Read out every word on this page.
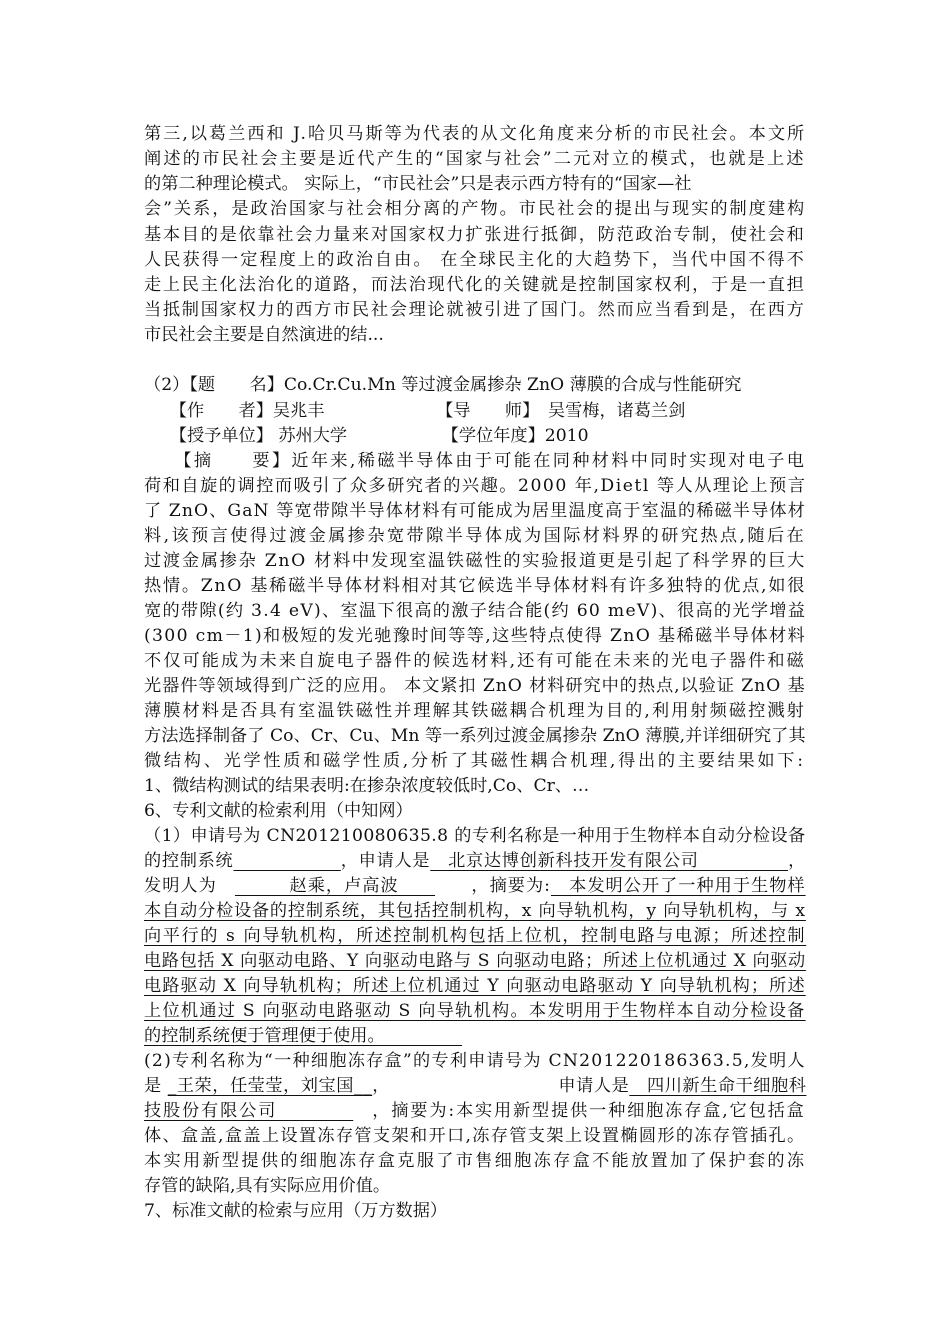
第三,以葛兰西和 J.哈贝马斯等为代表的从文化角度来分析的市民社会。本文所
阐述的市民社会主要是近代产生的“国家与社会”二元对立的模式，也就是上述
的第二种理论模式。 实际上，“市民社会”只是表示西方特有的“国家—社
会”关系，是政治国家与社会相分离的产物。市民社会的提出与现实的制度建构
基本目的是依靠社会力量来对国家权力扩张进行抵御，防范政治专制，使社会和
人民获得一定程度上的政治自由。 在全球民主化的大趋势下，当代中国不得不
走上民主化法治化的道路，而法治现代化的关键就是控制国家权利，于是一直担
当抵制国家权力的西方市民社会理论就被引进了国门。然而应当看到是，在西方
市民社会主要是自然演进的结...
（2）【题　　名】Co.Cr.Cu.Mn 等过渡金属掺杂 ZnO 薄膜的合成与性能研究
　　【作　　者】吴兆丰　　　　　　　【导　　师】　吴雪梅，诸葛兰剑
　　【授予单位】 苏州大学　　　　　　【学位年度】2010
　　【摘　　要】近年来,稀磁半导体由于可能在同种材料中同时实现对电子电
荷和自旋的调控而吸引了众多研究者的兴趣。2000 年,Dietl 等人从理论上预言
了 ZnO、GaN 等宽带隙半导体材料有可能成为居里温度高于室温的稀磁半导体材
料,该预言使得过渡金属掺杂宽带隙半导体成为国际材料界的研究热点,随后在
过渡金属掺杂 ZnO 材料中发现室温铁磁性的实验报道更是引起了科学界的巨大
热情。ZnO 基稀磁半导体材料相对其它候选半导体材料有许多独特的优点,如很
宽的带隙(约 3.4 eV)、室温下很高的激子结合能(约 60 meV)、很高的光学增益
(300 cm－1)和极短的发光驰豫时间等等,这些特点使得 ZnO 基稀磁半导体材料
不仅可能成为未来自旋电子器件的候选材料,还有可能在未来的光电子器件和磁
光器件等领域得到广泛的应用。 本文紧扣 ZnO 材料研究中的热点,以验证 ZnO 基
薄膜材料是否具有室温铁磁性并理解其铁磁耦合机理为目的,利用射频磁控溅射
方法选择制备了 Co、Cr、Cu、Mn 等一系列过渡金属掺杂 ZnO 薄膜,并详细研究了其
微结构、光学性质和磁学性质,分析了其磁性耦合机理,得出的主要结果如下:
1、微结构测试的结果表明:在掺杂浓度较低时,Co、Cr、…
6、专利文献的检索利用（中知网）
（1）申请号为 CN201210080635.8 的专利名称是一种用于生物样本自动分检设备
的控制系统　　　　　　	，申请人是　北京达博创新科技开发有限公司　　　　　，
发明人为　　　　赵乘，卢高波　　　　，摘要为:　本发明公开了一种用于生物样
本自动分检设备的控制系统，其包括控制机构，x 向导轨机构，y 向导轨机构，与 x
向平行的 s 向导轨机构，所述控制机构包括上位机，控制电路与电源；所述控制
电路包括 X 向驱动电路、Y 向驱动电路与 S 向驱动电路；所述上位机通过 X 向驱动
电路驱动 X 向导轨机构；所述上位机通过 Y 向驱动电路驱动 Y 向导轨机构；所述
上位机通过 S 向驱动电路驱动 S 向导轨机构。本发明用于生物样本自动分检设备
的控制系统便于管理便于使用。　　　　　
(2)专利名称为“一种细胞冻存盒”的专利申请号为 CN201220186363.5,发明人
是 _王荣，任莹莹，刘宝国__，　　　　　　　　　　申请人是　四川新生命干细胞科
技股份有限公司　　　　　，摘要为:本实用新型提供一种细胞冻存盒,它包括盒
体、盒盖,盒盖上设置冻存管支架和开口,冻存管支架上设置椭圆形的冻存管插孔。
本实用新型提供的细胞冻存盒克服了市售细胞冻存盒不能放置加了保护套的冻
存管的缺陷,具有实际应用价值。
7、标准文献的检索与应用（万方数据）
